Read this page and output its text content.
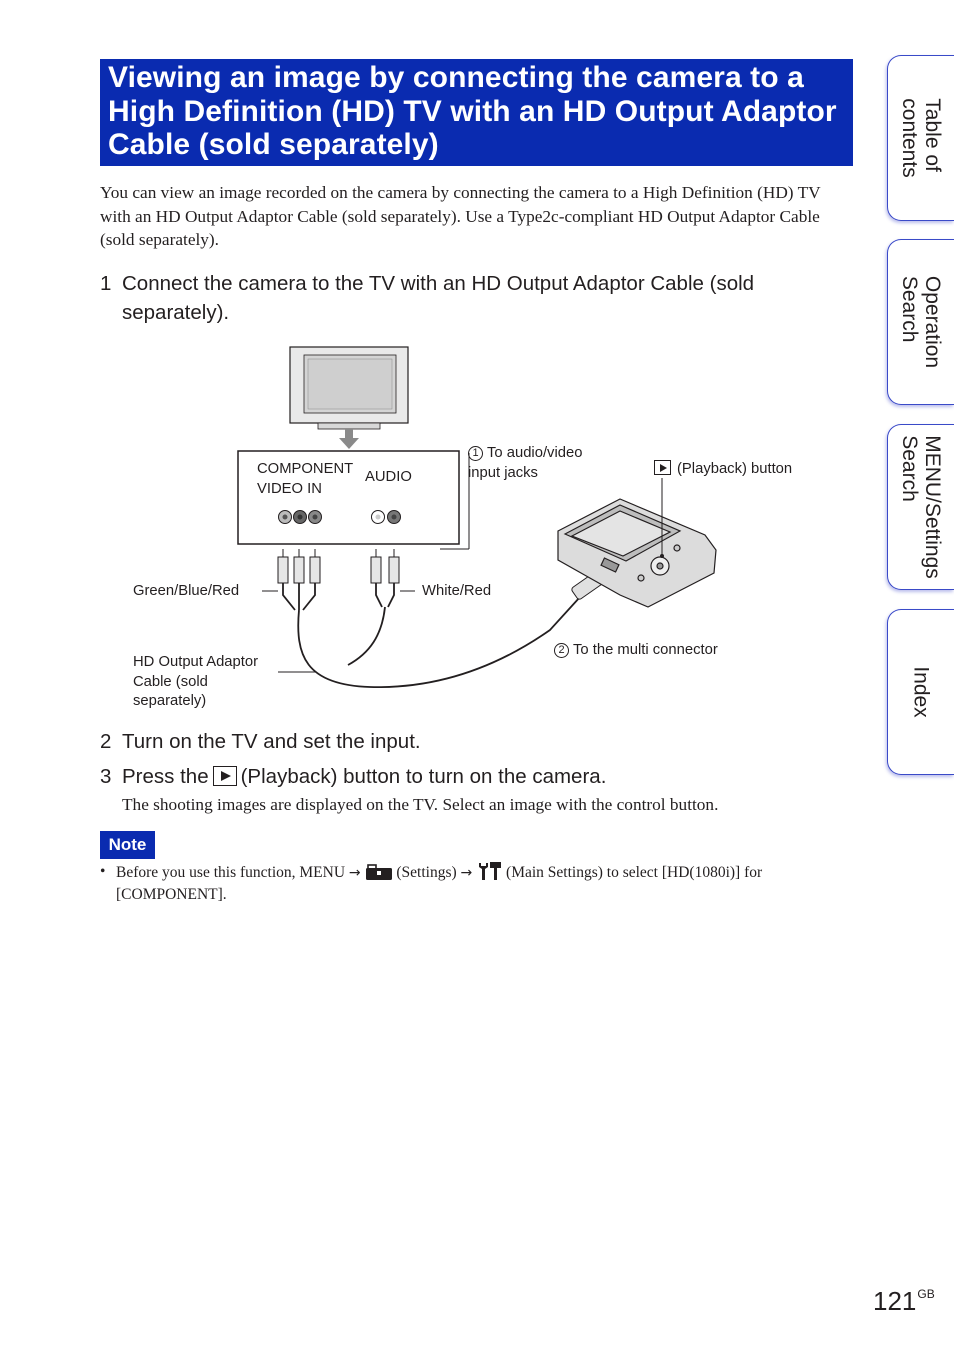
Viewing an image by connecting the camera to a High Definition (HD) TV with an HD Output Adaptor Cable (sold separately)

You can view an image recorded on the camera by connecting the camera to a High Definition (HD) TV with an HD Output Adaptor Cable (sold separately). Use a Type2c-compliant HD Output Adaptor Cable (sold separately).

1 Connect the camera to the TV with an HD Output Adaptor Cable (sold separately).
COMPONENT
VIDEO IN
AUDIO
1 To audio/video
input jacks	(Playback) button
Green/Blue/Red	White/Red
2 To the multi connector
HD Output Adaptor
Cable (sold
separately)
2 Turn on the TV and set the input.
3 Press the (Playback) button to turn on the camera.

The shooting images are displayed on the TV. Select an image with the control button.

Note
• Before you use this function, MENU → (Settings) → (Main Settings) to select [HD(1080i)] for [COMPONENT].
Table of
contents
Operation
Search
MENU/Settings
Search
Index
$121^{GB}$
